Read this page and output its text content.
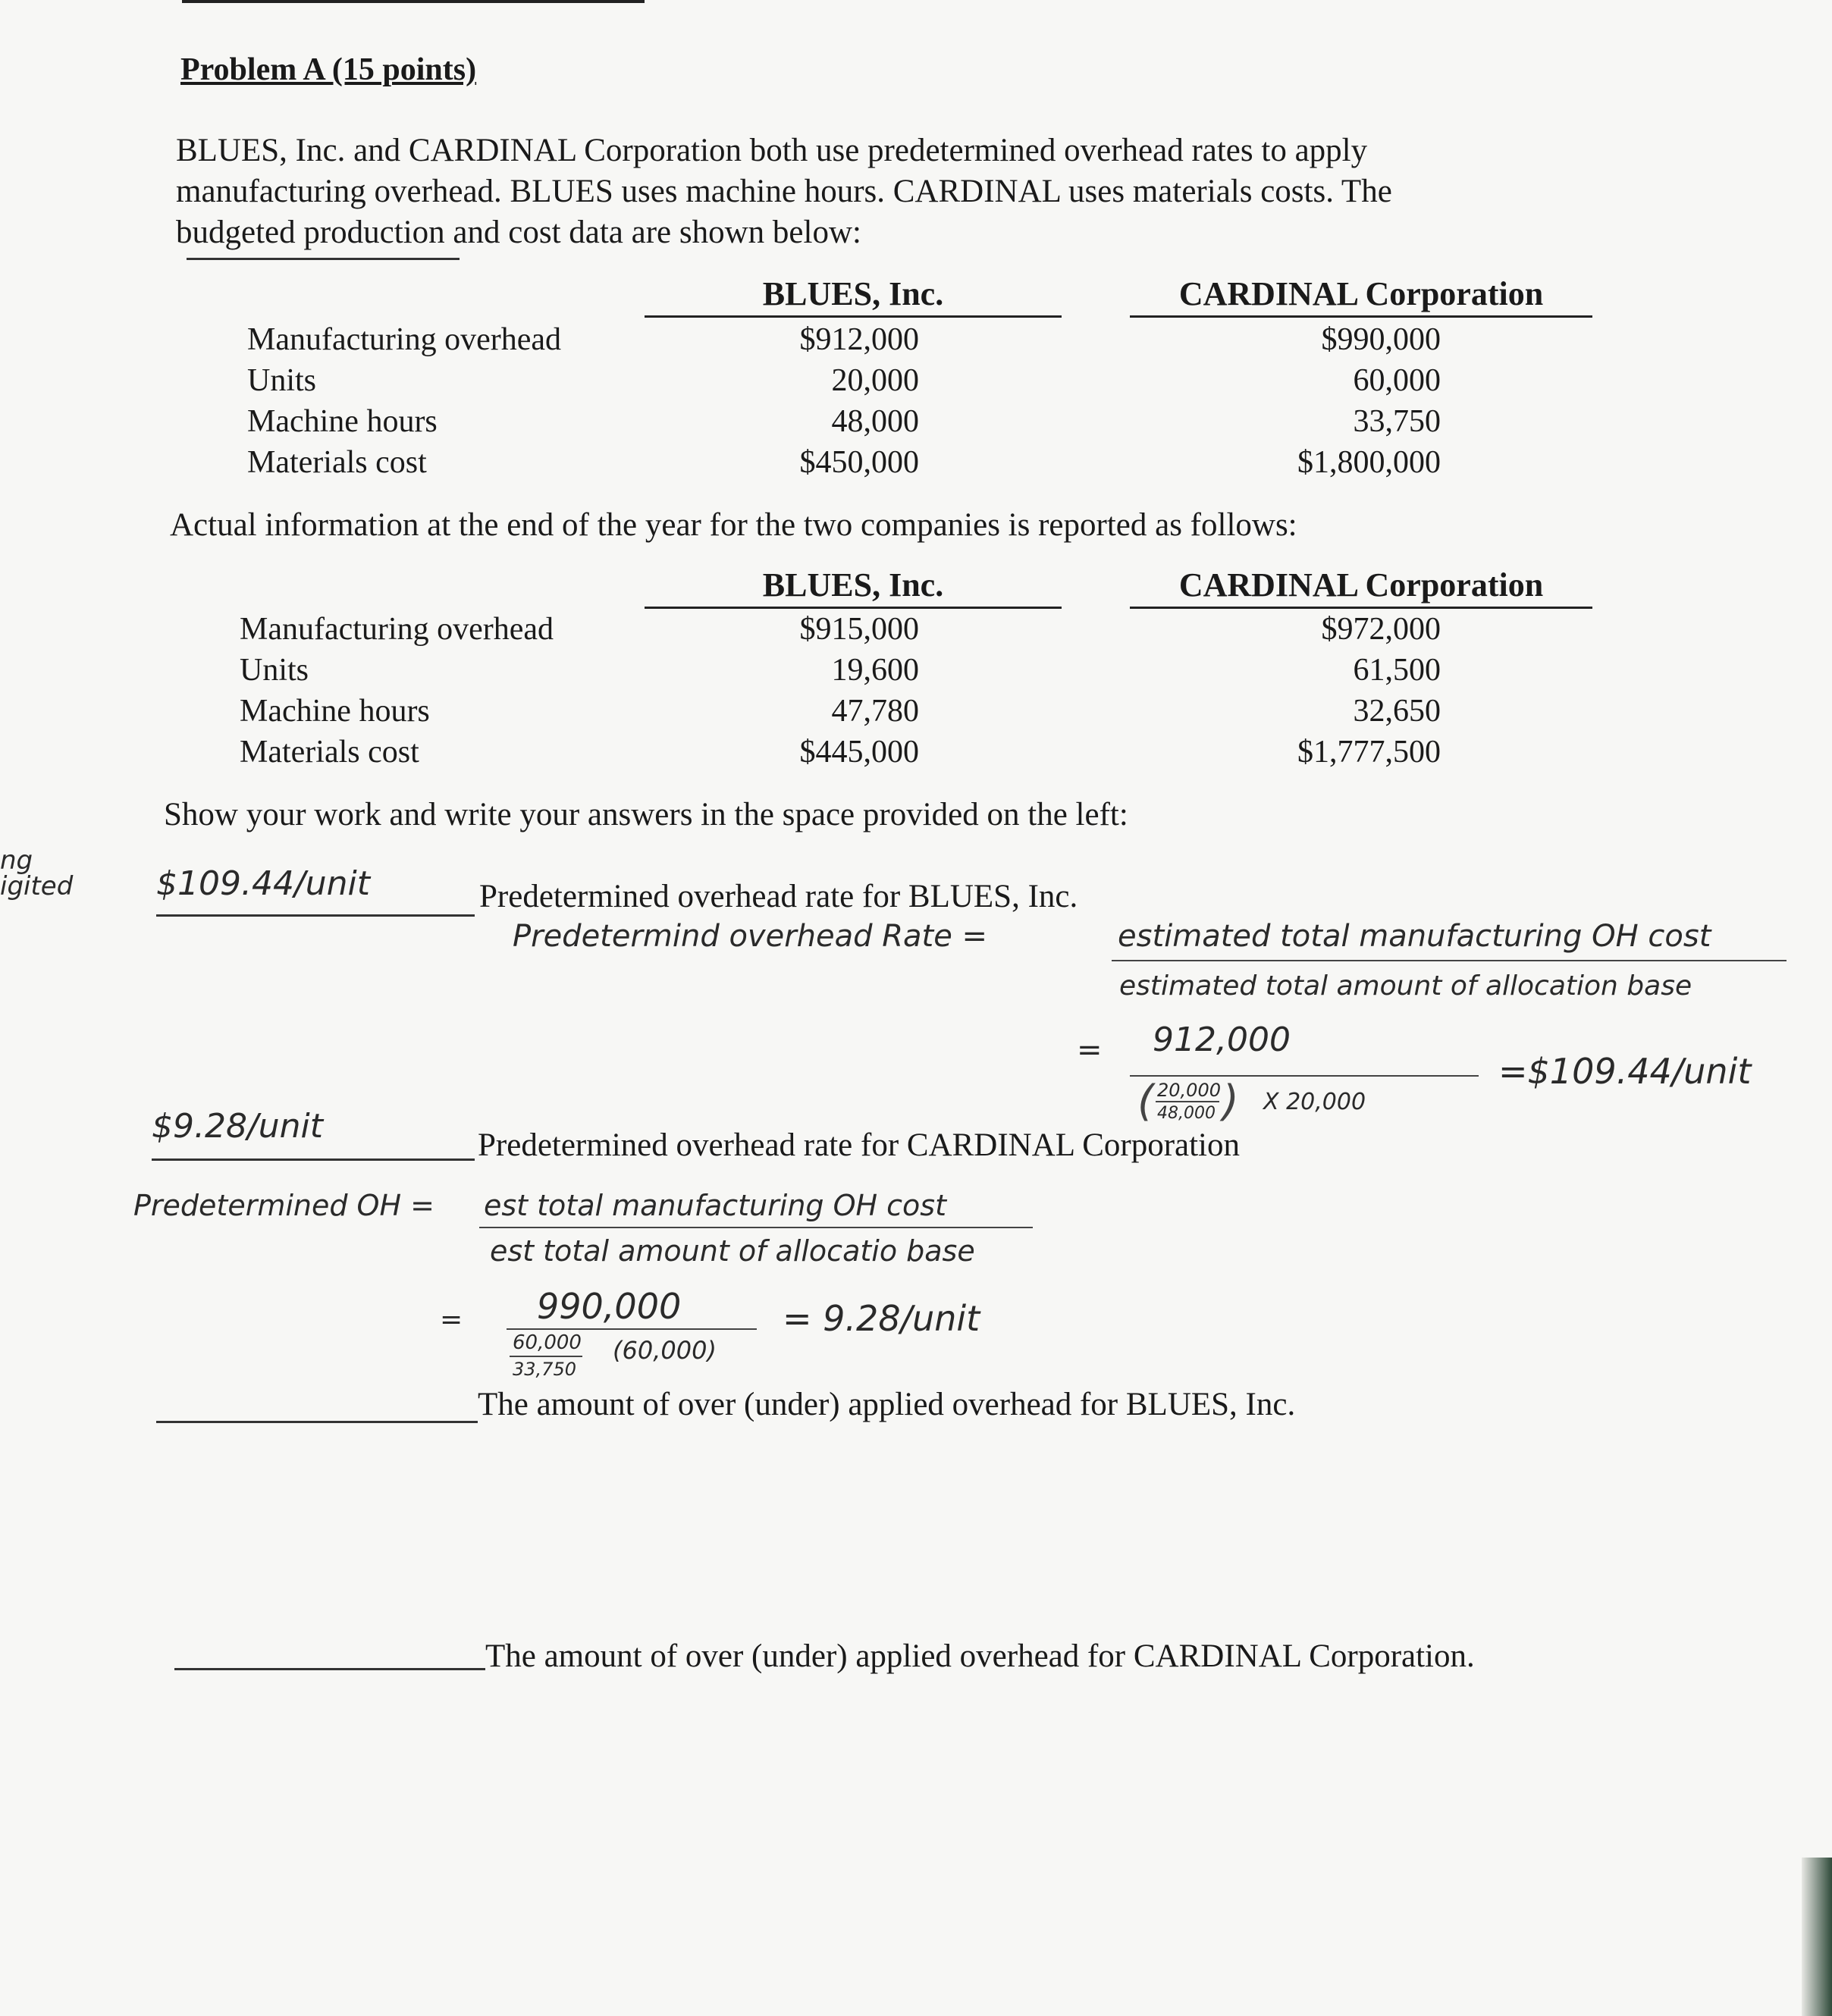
ng
igited
Problem A (15 points)
BLUES, Inc. and CARDINAL Corporation both use predetermined overhead rates to apply
manufacturing overhead. BLUES uses machine hours. CARDINAL uses materials costs. The
budgeted production and cost data are shown below:
BLUES, Inc.	CARDINAL Corporation
Manufacturing overhead	$912,000	$990,000
Units	20,000	60,000
Machine hours	48,000	33,750
Materials cost	$450,000	$1,800,000
Actual information at the end of the year for the two companies is reported as follows:
BLUES, Inc.	CARDINAL Corporation
Manufacturing overhead	$915,000	$972,000
Units	19,600	61,500
Machine hours	47,780	32,650
Materials cost	$445,000	$1,777,500
Show your work and write your answers in the space provided on the left:
$109.44/unit	Predetermined overhead rate for BLUES, Inc.
Predetermind overhead Rate =	estimated total manufacturing OH cost
estimated total amount of allocation base
= 912,000
( 20,000
48,000 ) X 20,000
=$109.44/unit
$9.28/unit	Predetermined overhead rate for CARDINAL Corporation
Predetermined OH = est total manufacturing OH cost
est total amount of allocatio base
= 990,000
60,000
33,750
(60,000)
= 9.28/unit
The amount of over (under) applied overhead for BLUES, Inc.
The amount of over (under) applied overhead for CARDINAL Corporation.
